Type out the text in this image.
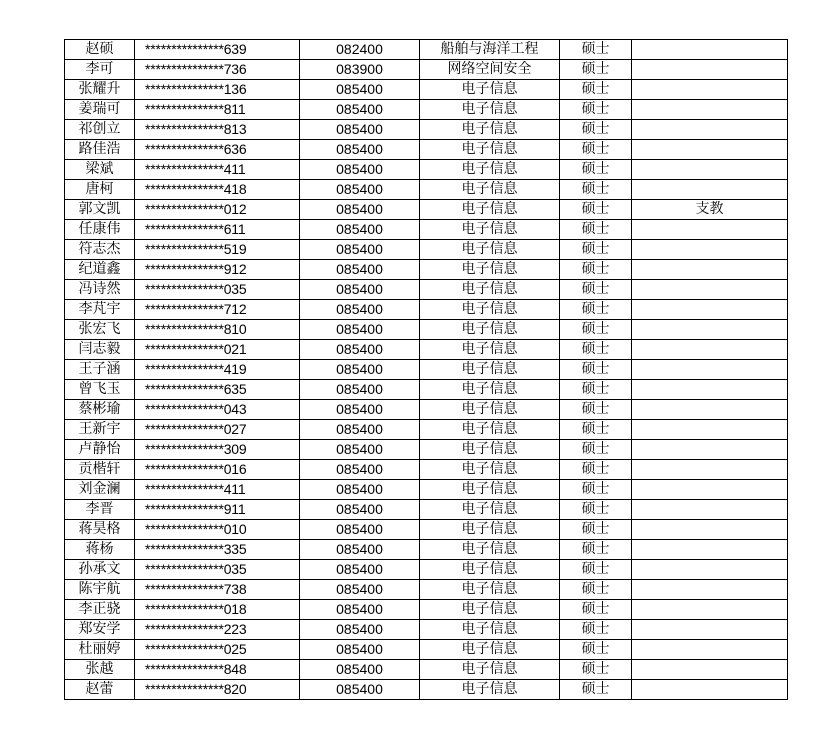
赵硕	***************639	082400	船舶与海洋工程	硕士	
李可	***************736	083900	网络空间安全	硕士	
张耀升	***************136	085400	电子信息	硕士	
姜瑞可	***************811	085400	电子信息	硕士	
祁创立	***************813	085400	电子信息	硕士	
路佳浩	***************636	085400	电子信息	硕士	
梁斌	***************411	085400	电子信息	硕士	
唐柯	***************418	085400	电子信息	硕士	
郭文凯	***************012	085400	电子信息	硕士	支教
任康伟	***************611	085400	电子信息	硕士	
符志杰	***************519	085400	电子信息	硕士	
纪道鑫	***************912	085400	电子信息	硕士	
冯诗然	***************035	085400	电子信息	硕士	
李芃宇	***************712	085400	电子信息	硕士	
张宏飞	***************810	085400	电子信息	硕士	
闫志毅	***************021	085400	电子信息	硕士	
王子涵	***************419	085400	电子信息	硕士	
曾飞玉	***************635	085400	电子信息	硕士	
蔡彬瑜	***************043	085400	电子信息	硕士	
王新宇	***************027	085400	电子信息	硕士	
卢静怡	***************309	085400	电子信息	硕士	
贡楷轩	***************016	085400	电子信息	硕士	
刘金澜	***************411	085400	电子信息	硕士	
李晋	***************911	085400	电子信息	硕士	
蒋昊格	***************010	085400	电子信息	硕士	
蒋杨	***************335	085400	电子信息	硕士	
孙承文	***************035	085400	电子信息	硕士	
陈宇航	***************738	085400	电子信息	硕士	
李正骁	***************018	085400	电子信息	硕士	
郑安学	***************223	085400	电子信息	硕士	
杜丽婷	***************025	085400	电子信息	硕士	
张越	***************848	085400	电子信息	硕士	
赵蕾	***************820	085400	电子信息	硕士	
